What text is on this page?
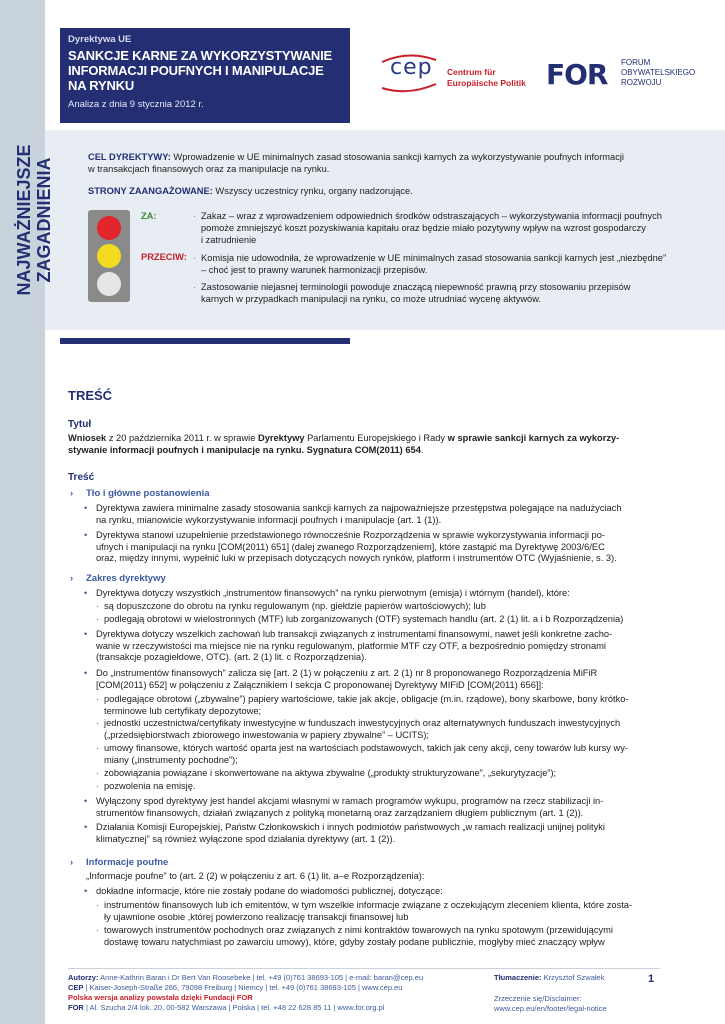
Dyrektywa UE
SANKCJE KARNE ZA WYKORZYSTYWANIE
INFORMACJI POUFNYCH I MANIPULACJE
NA RYNKU
Analiza z dnia 9 stycznia 2012 r.
cep Centrum für
Europäische Politik FOR FORUM
OBYWATELSKIEGO
ROZWOJU
NAJWAŻNIEJSZE ZAGADNIENIA
CEL DYREKTYWY: Wprowadzenie w UE minimalnych zasad stosowania sankcji karnych za wykorzystywanie poufnych informacji
w transakcjach finansowych oraz za manipulacje na rynku.
STRONY ZAANGAŻOWANE: Wszyscy uczestnicy rynku, organy nadzorujące.
ZA:	· Zakaz – wraz z wprowadzeniem odpowiednich środków odstraszających – wykorzystywania informacji poufnych
pomoże zmniejszyć koszt pozyskiwania kapitału oraz będzie miało pozytywny wpływ na wzrost gospodarczy
i zatrudnienie
PRZECIW: · Komisja nie udowodniła, że wprowadzenie w UE minimalnych zasad stosowania sankcji karnych jest „niezbędne”
– choć jest to prawny warunek harmonizacji przepisów.
· Zastosowanie niejasnej terminologii powoduje znaczącą niepewność prawną przy stosowaniu przepisów
karnych w przypadkach manipulacji na rynku, co może utrudniać wycenę aktywów.
TREŚĆ
Tytuł
Wniosek z 20 października 2011 r. w sprawie Dyrektywy Parlamentu Europejskiego i Rady w sprawie sankcji karnych za wykorzy-
stywanie informacji poufnych i manipulacje na rynku. Sygnatura COM(2011) 654.
Treść
› Tło i główne postanowienia
• Dyrektywa zawiera minimalne zasady stosowania sankcji karnych za najpoważniejsze przestępstwa polegające na nadużyciach
na rynku, mianowicie wykorzystywanie informacji poufnych i manipulacje (art. 1 (1)).
• Dyrektywa stanowi uzupełnienie przedstawionego równocześnie Rozporządzenia w sprawie wykorzystywania informacji po-
ufnych i manipulacji na rynku [COM(2011) 651] (dalej zwanego Rozporządzeniem], które zastąpić ma Dyrektywę 2003/6/EC
oraz, między innymi, wypełnić luki w przepisach dotyczących nowych rynków, platform i instrumentów OTC (Wyjaśnienie, s. 3).
› Zakres dyrektywy
• Dyrektywa dotyczy wszystkich „instrumentów finansowych” na rynku pierwotnym (emisja) i wtórnym (handel), które:
· są dopuszczone do obrotu na rynku regulowanym (np. giełdzie papierów wartościowych); lub
· podlegają obrotowi w wielostronnych (MTF) lub zorganizowanych (OTF) systemach handlu (art. 2 (1) lit. a i b Rozporządzenia)
• Dyrektywa dotyczy wszelkich zachowań lub transakcji związanych z instrumentami finansowymi, nawet jeśli konkretne zacho-
wanie w rzeczywistości ma miejsce nie na rynku regulowanym, platformie MTF czy OTF, a bezpośrednio pomiędzy stronami
(transakcje pozagiełdowe, OTC). (art. 2 (1) lit. c Rozporządzenia).
• Do „instrumentów finansowych” zalicza się [art. 2 (1) w połączeniu z art. 2 (1) nr 8 proponowanego Rozporządzenia MiFiR
[COM(2011) 652] w połączeniu z Załącznikiem I sekcja C proponowanej Dyrektywy MIFiD [COM(2011) 656]]:
· podlegające obrotowi („zbywalne”) papiery wartościowe, takie jak akcje, obligacje (m.in. rządowe), bony skarbowe, bony krótko-
terminowe lub certyfikaty depozytowe;
· jednostki uczestnictwa/certyfikaty inwestycyjne w funduszach inwestycyjnych oraz alternatywnych funduszach inwestycyjnych
(„przedsiębiorstwach zbiorowego inwestowania w papiery zbywalne” – UCITS);
· umowy finansowe, których wartość oparta jest na wartościach podstawowych, takich jak ceny akcji, ceny towarów lub kursy wy-
miany („instrumenty pochodne”);
· zobowiązania powiązane i skonwertowane na aktywa zbywalne („produkty strukturyzowane”, „sekurytyzacje”);
· pozwolenia na emisję.
• Wyłączony spod dyrektywy jest handel akcjami własnymi w ramach programów wykupu, programów na rzecz stabilizacji in-
strumentów finansowych, działań związanych z polityką monetarną oraz zarządzaniem długiem publicznym (art. 1 (2)).
• Działania Komisji Europejskiej, Państw Członkowskich i innych podmiotów państwowych „w ramach realizacji unijnej polityki
klimatycznej” są również wyłączone spod działania dyrektywy (art. 1 (2)).
› Informacje poufne
„Informacje poufne” to (art. 2 (2) w połączeniu z art. 6 (1) lit. a–e Rozporządzenia):
• dokładne informacje, które nie zostały podane do wiadomości publicznej, dotyczące:
· instrumentów finansowych lub ich emitentów, w tym wszelkie informacje związane z oczekującym zleceniem klienta, które zosta-
ły ujawnione osobie ,której powierzono realizację transakcji finansowej lub
· towarowych instrumentów pochodnych oraz związanych z nimi kontraktów towarowych na rynku spotowym (przewidującymi
dostawę towaru natychmiast po zawarciu umowy), które, gdyby zostały podane publicznie, mogłyby mieć znaczący wpływ
Autorzy: Anne-Kathrin Baran i Dr Bert Van Roosebeke | tel. +49 (0)761 38693-105 | e-mail: baran@cep.eu
CEP | Kaiser-Joseph-Straße 266, 79098 Freiburg | Niemcy | tel. +49 (0)761 38693-105 | www.cep.eu
Polska wersja analizy powstała dzięki Fundacji FOR
FOR | Al. Szucha 2/4 lok. 20, 00-582 Warszawa | Polska | tel. +48 22 628 85 11 | www.for.org.pl
Tłumaczenie: Krzysztof Szwałek
Zrzeczenie się/Disclaimer:
www.cep.eu/en/footer/legal-notice
1
